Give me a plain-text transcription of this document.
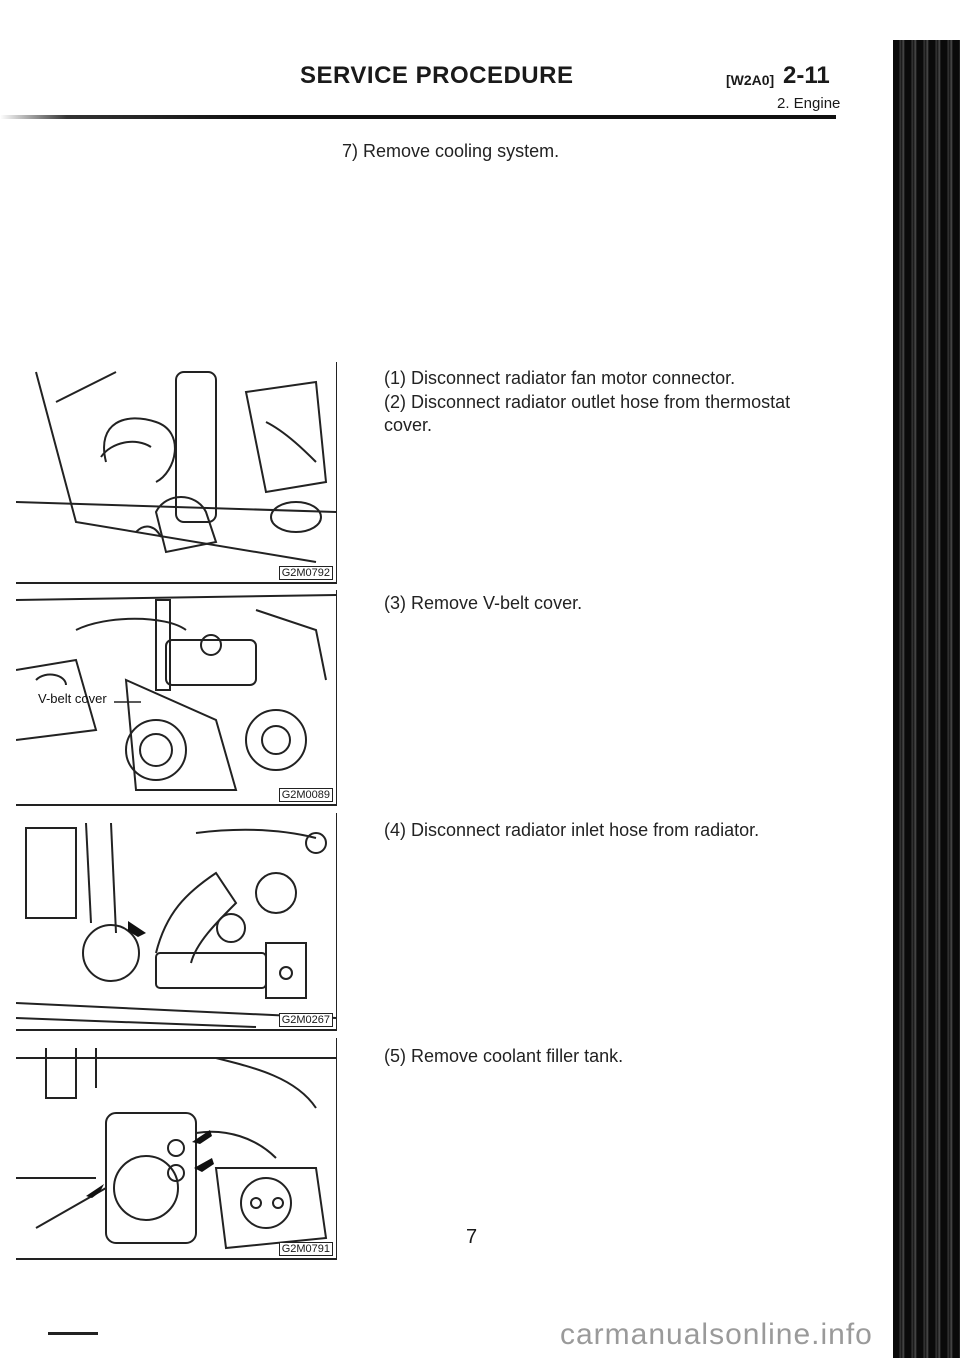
SERVICE PROCEDURE	[W2A0] 2-11
2. Engine
7) Remove cooling system.
(1) Disconnect radiator fan motor connector.
(2) Disconnect radiator outlet hose from thermostat
cover.
(3) Remove V-belt cover.
(4) Disconnect radiator inlet hose from radiator.
(5) Remove coolant filler tank.
G2M0792
V-belt cover
G2M0089
G2M0267
G2M0791
7
carmanualsonline.info
